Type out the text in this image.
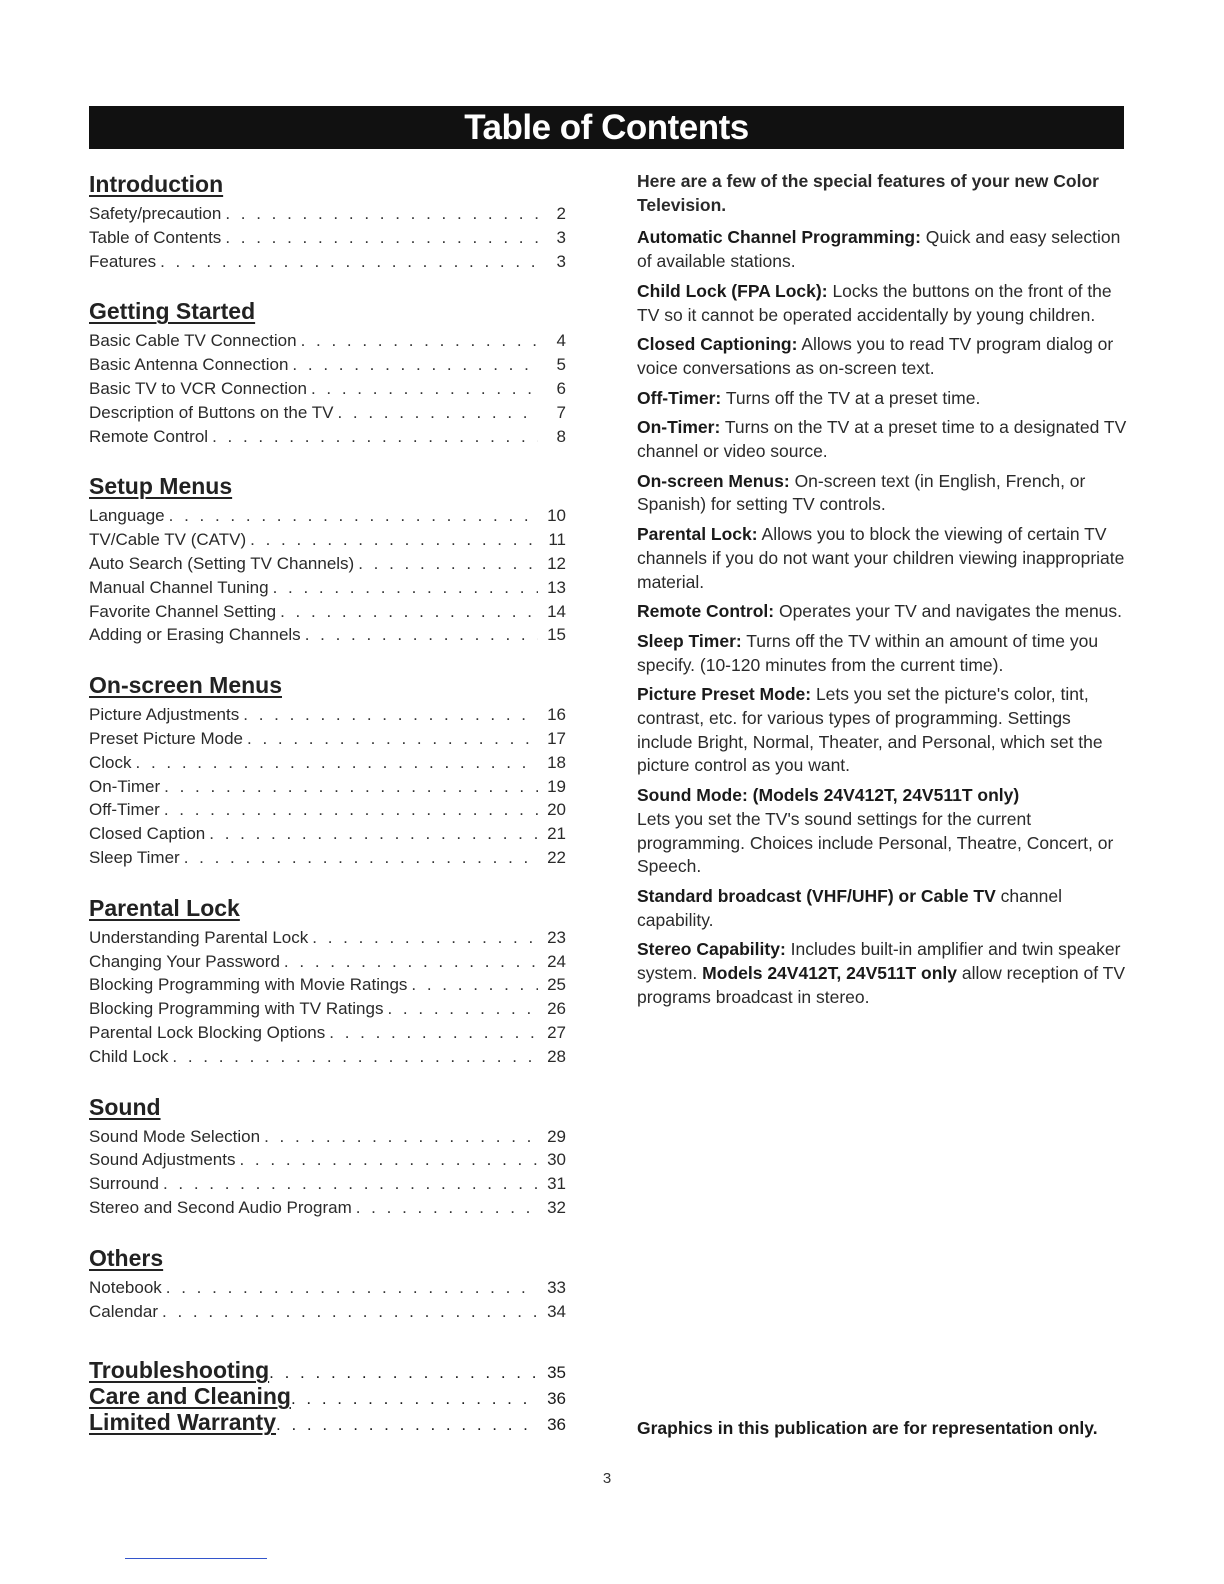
Table of Contents
Introduction
Safety/precaution . . .	2
Table of Contents . . .	3
Features . . .	3
Getting Started
Basic Cable TV Connection . . .	4
Basic Antenna Connection . . .	5
Basic TV to VCR Connection . . .	6
Description of Buttons on the TV . . .	7
Remote Control . . .	8
Setup Menus
Language . . .	10
TV/Cable TV (CATV) . . .	11
Auto Search (Setting TV Channels) . . .	12
Manual Channel Tuning . . .	13
Favorite Channel Setting . . .	14
Adding or Erasing Channels . . .	15
On-screen Menus
Picture Adjustments . . .	16
Preset Picture Mode . . .	17
Clock . . .	18
On-Timer . . .	19
Off-Timer . . .	20
Closed Caption . . .	21
Sleep Timer . . .	22
Parental Lock
Understanding Parental Lock . . .	23
Changing Your Password . . .	24
Blocking Programming with Movie Ratings . . .	25
Blocking Programming with TV Ratings . . .	26
Parental Lock Blocking Options . . .	27
Child Lock . . .	28
Sound
Sound Mode Selection . . .	29
Sound Adjustments . . .	30
Surround . . .	31
Stereo and Second Audio Program . . .	32
Others
Notebook . . .	33
Calendar . . .	34
Troubleshooting . . .	35
Care and Cleaning . . .	36
Limited Warranty . . .	36

Here are a few of the special features of your new Color Television.

Automatic Channel Programming: Quick and easy selection of available stations.

Child Lock (FPA Lock): Locks the buttons on the front of the TV so it cannot be operated accidentally by young children.

Closed Captioning: Allows you to read TV program dialog or voice conversations as on-screen text.

Off-Timer: Turns off the TV at a preset time.

On-Timer: Turns on the TV at a preset time to a designated TV channel or video source.

On-screen Menus: On-screen text (in English, French, or Spanish) for setting TV controls.

Parental Lock: Allows you to block the viewing of certain TV channels if you do not want your children viewing inappropriate material.

Remote Control: Operates your TV and navigates the menus.

Sleep Timer: Turns off the TV within an amount of time you specify. (10-120 minutes from the current time).

Picture Preset Mode: Lets you set the picture's color, tint, contrast, etc. for various types of programming. Settings include Bright, Normal, Theater, and Personal, which set the picture control as you want.

Sound Mode: (Models 24V412T, 24V511T only)
Lets you set the TV's sound settings for the current programming. Choices include Personal, Theatre, Concert, or Speech.

Standard broadcast (VHF/UHF) or Cable TV channel capability.

Stereo Capability: Includes built-in amplifier and twin speaker system. Models 24V412T, 24V511T only allow reception of TV programs broadcast in stereo.

Graphics in this publication are for representation only.
3
